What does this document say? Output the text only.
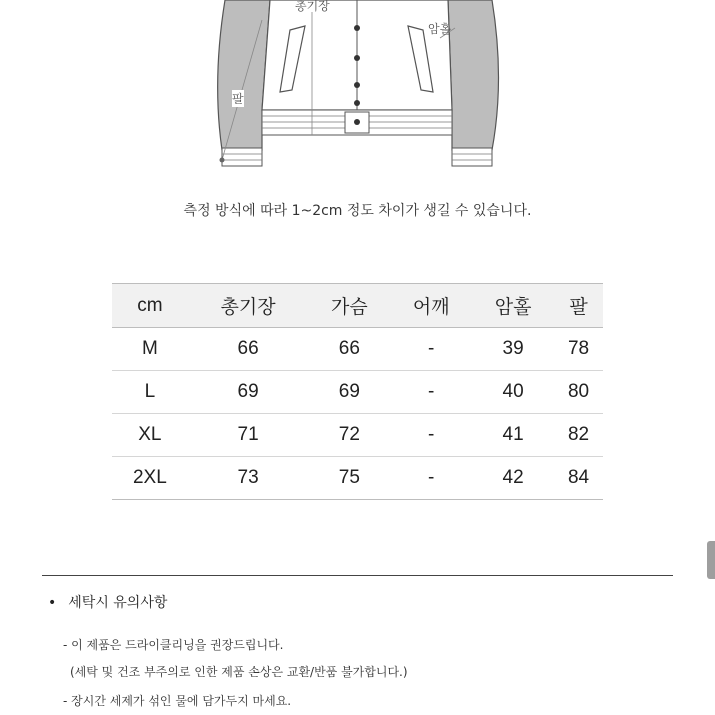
총기장
암홀
팔
측정 방식에 따라 1~2cm 정도 차이가 생길 수 있습니다.
cm	총기장	가슴	어깨	암홀	팔
M	66	66	-	39	78
L	69	69	-	40	80
XL	71	72	-	41	82
2XL	73	75	-	42	84
• 세탁시 유의사항
- 이 제품은 드라이클리닝을 권장드립니다.
(세탁 및 건조 부주의로 인한 제품 손상은 교환/반품 불가합니다.)
- 장시간 세제가 섞인 물에 담가두지 마세요.
